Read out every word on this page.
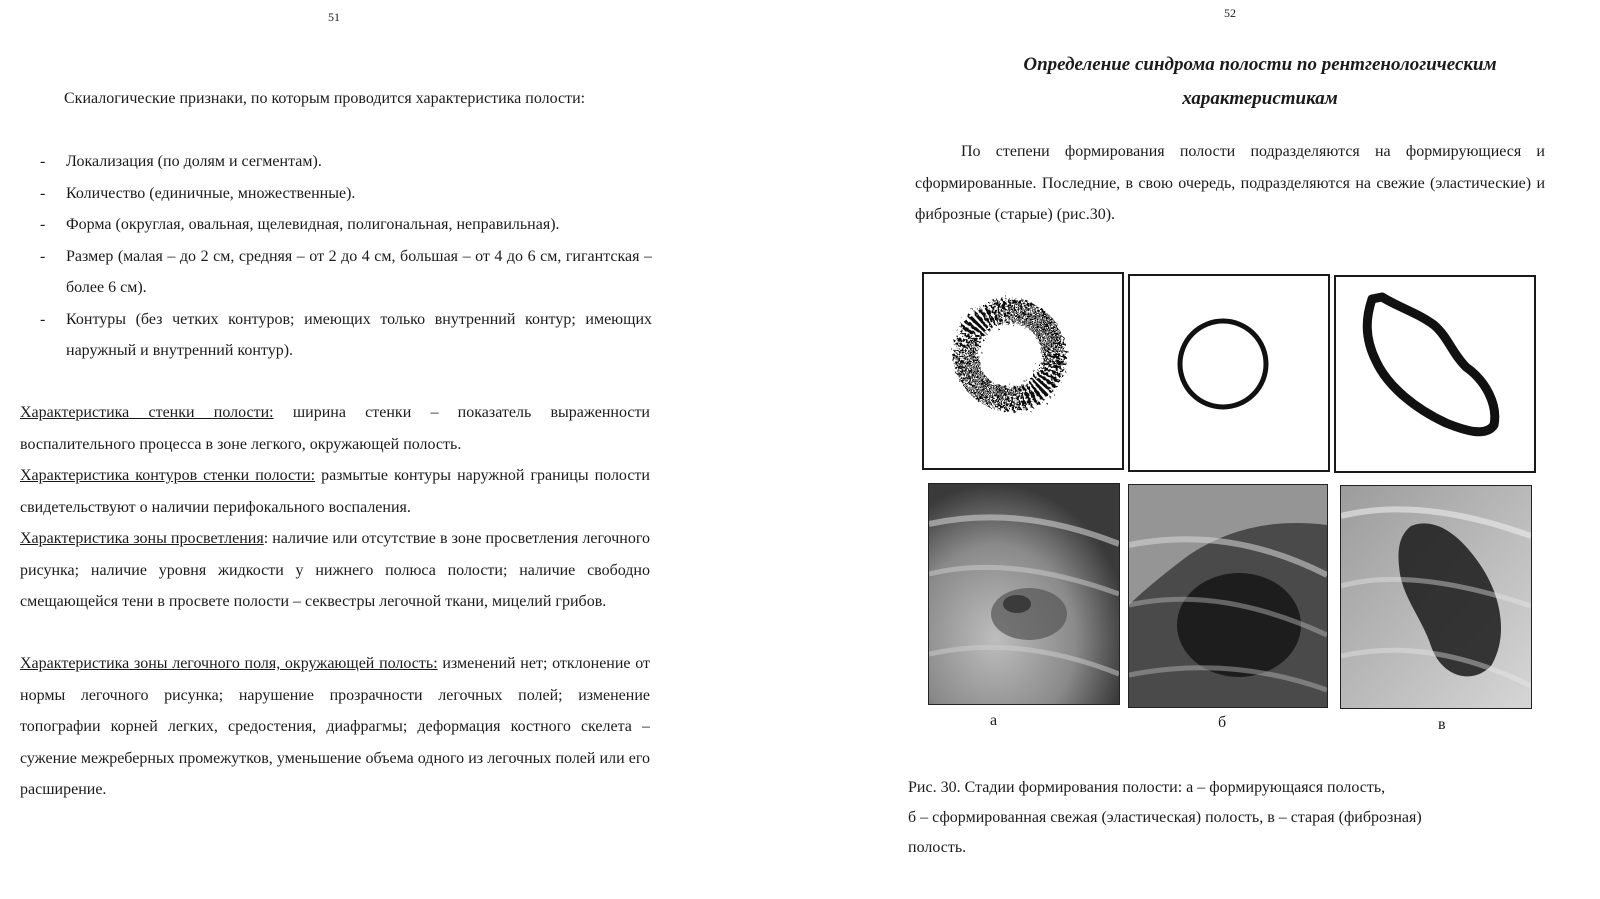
51

Скиалогические признаки, по которым проводится характеристика полости:

- Локализация (по долям и сегментам).
- Количество (единичные, множественные).
- Форма (округлая, овальная, щелевидная, полигональная, неправильная).
- Размер (малая – до 2 см, средняя – от 2 до 4 см, большая – от 4 до 6 см, гигантская – более 6 см).
- Контуры (без четких контуров; имеющих только внутренний контур; имеющих наружный и внутренний контур).

Характеристика стенки полости: ширина стенки – показатель выраженности воспалительного процесса в зоне легкого, окружающей полость.

Характеристика контуров стенки полости: размытые контуры наружной границы полости свидетельствуют о наличии перифокального воспаления.

Характеристика зоны просветления: наличие или отсутствие в зоне просветления легочного рисунка; наличие уровня жидкости у нижнего полюса полости; наличие свободно смещающейся тени в просвете полости – секвестры легочной ткани, мицелий грибов.

Характеристика зоны легочного поля, окружающей полость: изменений нет; отклонение от нормы легочного рисунка; нарушение прозрачности легочных полей; изменение топографии корней легких, средостения, диафрагмы; деформация костного скелета – сужение межреберных промежутков, уменьшение объема одного из легочных полей или его расширение.

52
Определение синдрома полости по рентгенологическим характеристикам

По степени формирования полости подразделяются на формирующиеся и сформированные. Последние, в свою очередь, подразделяются на свежие (эластические) и фиброзные (старые) (рис.30).

а	б	в
Рис. 30. Стадии формирования полости: а – формирующаяся полость,
б – сформированная свежая (эластическая) полость, в – старая (фиброзная)
полость.
